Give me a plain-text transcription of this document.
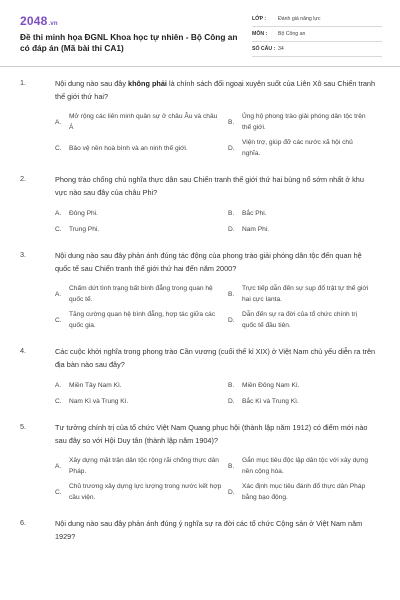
2048.vn
Đề thi minh họa ĐGNL Khoa học tự nhiên - Bộ Công an có đáp án (Mã bài thi CA1)
LỚP :	Đánh giá năng lực
MÔN :	Bộ Công an
SỐ CÂU : 34
1.	Nội dung nào sau đây không phải là chính sách đối ngoại xuyên suốt của Liên Xô sau Chiến tranh thế giới thứ hai?
A.
Mở rộng các liên minh quân sự ở châu Âu và châu Á
B.
Ủng hộ phong trào giải phóng dân tộc trên thế giới.
C.	Bảo vệ nền hoà bình và an ninh thế giới.	D.
Viện trợ, giúp đỡ các nước xã hội chủ nghĩa.
2.	Phong trào chống chủ nghĩa thực dân sau Chiến tranh thế giới thứ hai bùng nổ sớm nhất ở khu vực nào sau đây của châu Phi?
A.	Đông Phi.	B.	Bắc Phi.
C.	Trung Phi.	D.	Nam Phi.
3.	Nội dung nào sau đây phản ánh đúng tác động của phong trào giải phóng dân tộc đến quan hệ quốc tế sau Chiến tranh thế giới thứ hai đến năm 2000?
A.
Chấm dứt tình trạng bất bình đẳng trong quan hệ quốc tế.
B.
Trực tiếp dẫn đến sự sụp đổ trật tự thế giới hai cực Ianta.
C.
Tăng cường quan hệ bình đẳng, hợp tác giữa các quốc gia.
D.
Dẫn đến sự ra đời của tổ chức chính trị quốc tế đầu tiên.
4.	Các cuộc khởi nghĩa trong phong trào Cần vương (cuối thế kỉ XIX) ở Việt Nam chủ yếu diễn ra trên địa bàn nào sau đây?
A.	Miền Tây Nam Kì.	B.	Miền Đông Nam Kì.
C.	Nam Kì và Trung Kì.	D.	Bắc Kì và Trung Kì.
5.	Tư tưởng chính trị của tổ chức Việt Nam Quang phục hội (thành lập năm 1912) có điểm mới nào sau đây so với Hội Duy tân (thành lập năm 1904)?
A.
Xây dựng mặt trận dân tộc rộng rãi chống thực dân Pháp.
B.
Gắn mục tiêu độc lập dân tộc với xây dựng nền cộng hòa.
C.
Chủ trương xây dựng lực lượng trong nước kết hợp cầu viện.
D.
Xác định mục tiêu đánh đổ thực dân Pháp bằng bạo động.
6.	Nội dung nào sau đây phản ánh đúng ý nghĩa sự ra đời các tổ chức Cộng sản ở Việt Nam năm 1929?
